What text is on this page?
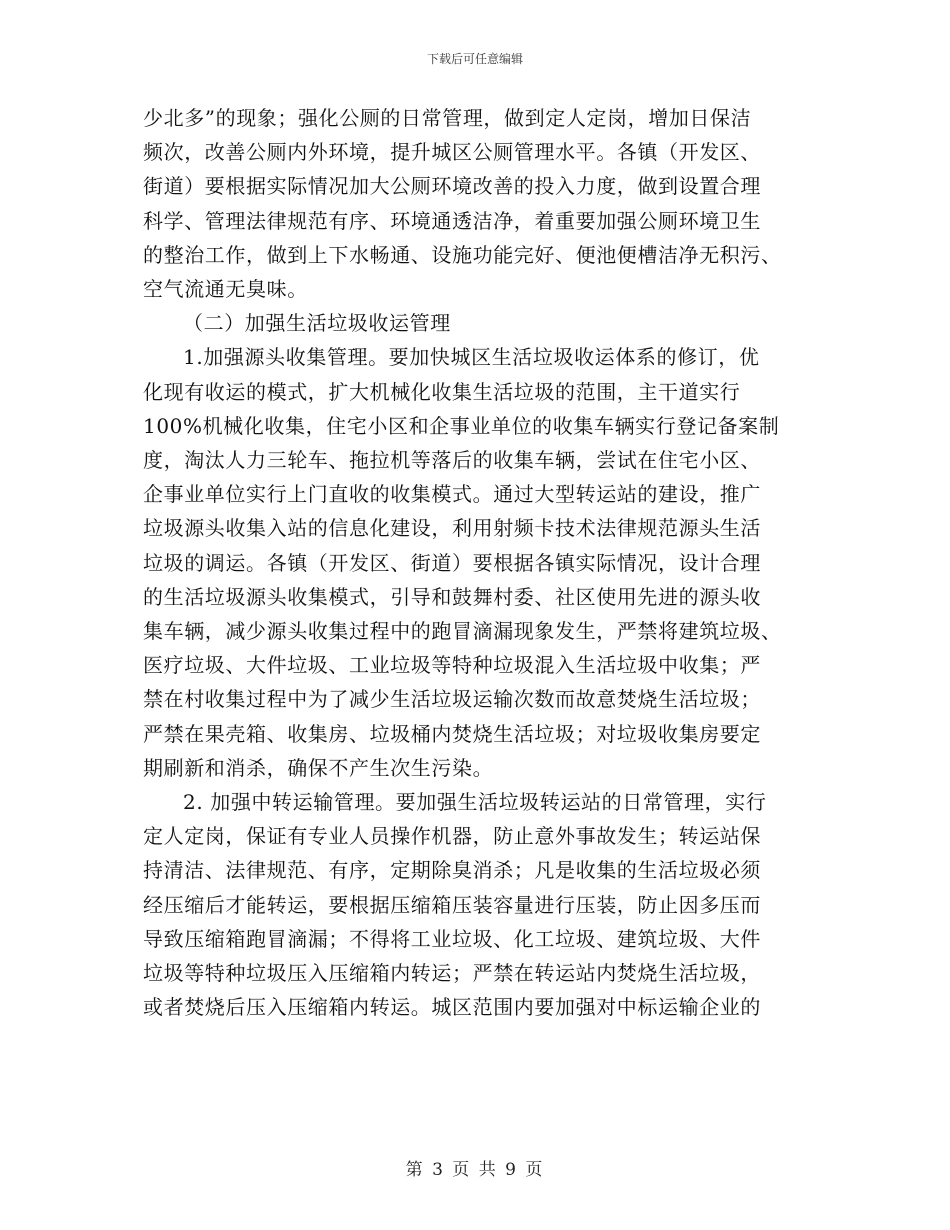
下载后可任意编辑
少北多”的现象；强化公厕的日常管理，做到定人定岗，增加日保洁
频次，改善公厕内外环境，提升城区公厕管理水平。各镇（开发区、
街道）要根据实际情况加大公厕环境改善的投入力度，做到设置合理
科学、管理法律规范有序、环境通透洁净，着重要加强公厕环境卫生
的整治工作，做到上下水畅通、设施功能完好、便池便槽洁净无积污、
空气流通无臭味。
（二）加强生活垃圾收运管理
1.加强源头收集管理。要加快城区生活垃圾收运体系的修订，优
化现有收运的模式，扩大机械化收集生活垃圾的范围，主干道实行
100%机械化收集，住宅小区和企事业单位的收集车辆实行登记备案制
度，淘汰人力三轮车、拖拉机等落后的收集车辆，尝试在住宅小区、
企事业单位实行上门直收的收集模式。通过大型转运站的建设，推广
垃圾源头收集入站的信息化建设，利用射频卡技术法律规范源头生活
垃圾的调运。各镇（开发区、街道）要根据各镇实际情况，设计合理
的生活垃圾源头收集模式，引导和鼓舞村委、社区使用先进的源头收
集车辆，减少源头收集过程中的跑冒滴漏现象发生，严禁将建筑垃圾、
医疗垃圾、大件垃圾、工业垃圾等特种垃圾混入生活垃圾中收集；严
禁在村收集过程中为了减少生活垃圾运输次数而故意焚烧生活垃圾；
严禁在果壳箱、收集房、垃圾桶内焚烧生活垃圾；对垃圾收集房要定
期刷新和消杀，确保不产生次生污染。
2. 加强中转运输管理。要加强生活垃圾转运站的日常管理，实行
定人定岗，保证有专业人员操作机器，防止意外事故发生；转运站保
持清洁、法律规范、有序，定期除臭消杀；凡是收集的生活垃圾必须
经压缩后才能转运，要根据压缩箱压装容量进行压装，防止因多压而
导致压缩箱跑冒滴漏；不得将工业垃圾、化工垃圾、建筑垃圾、大件
垃圾等特种垃圾压入压缩箱内转运；严禁在转运站内焚烧生活垃圾，
或者焚烧后压入压缩箱内转运。城区范围内要加强对中标运输企业的
第 3 页 共 9 页
